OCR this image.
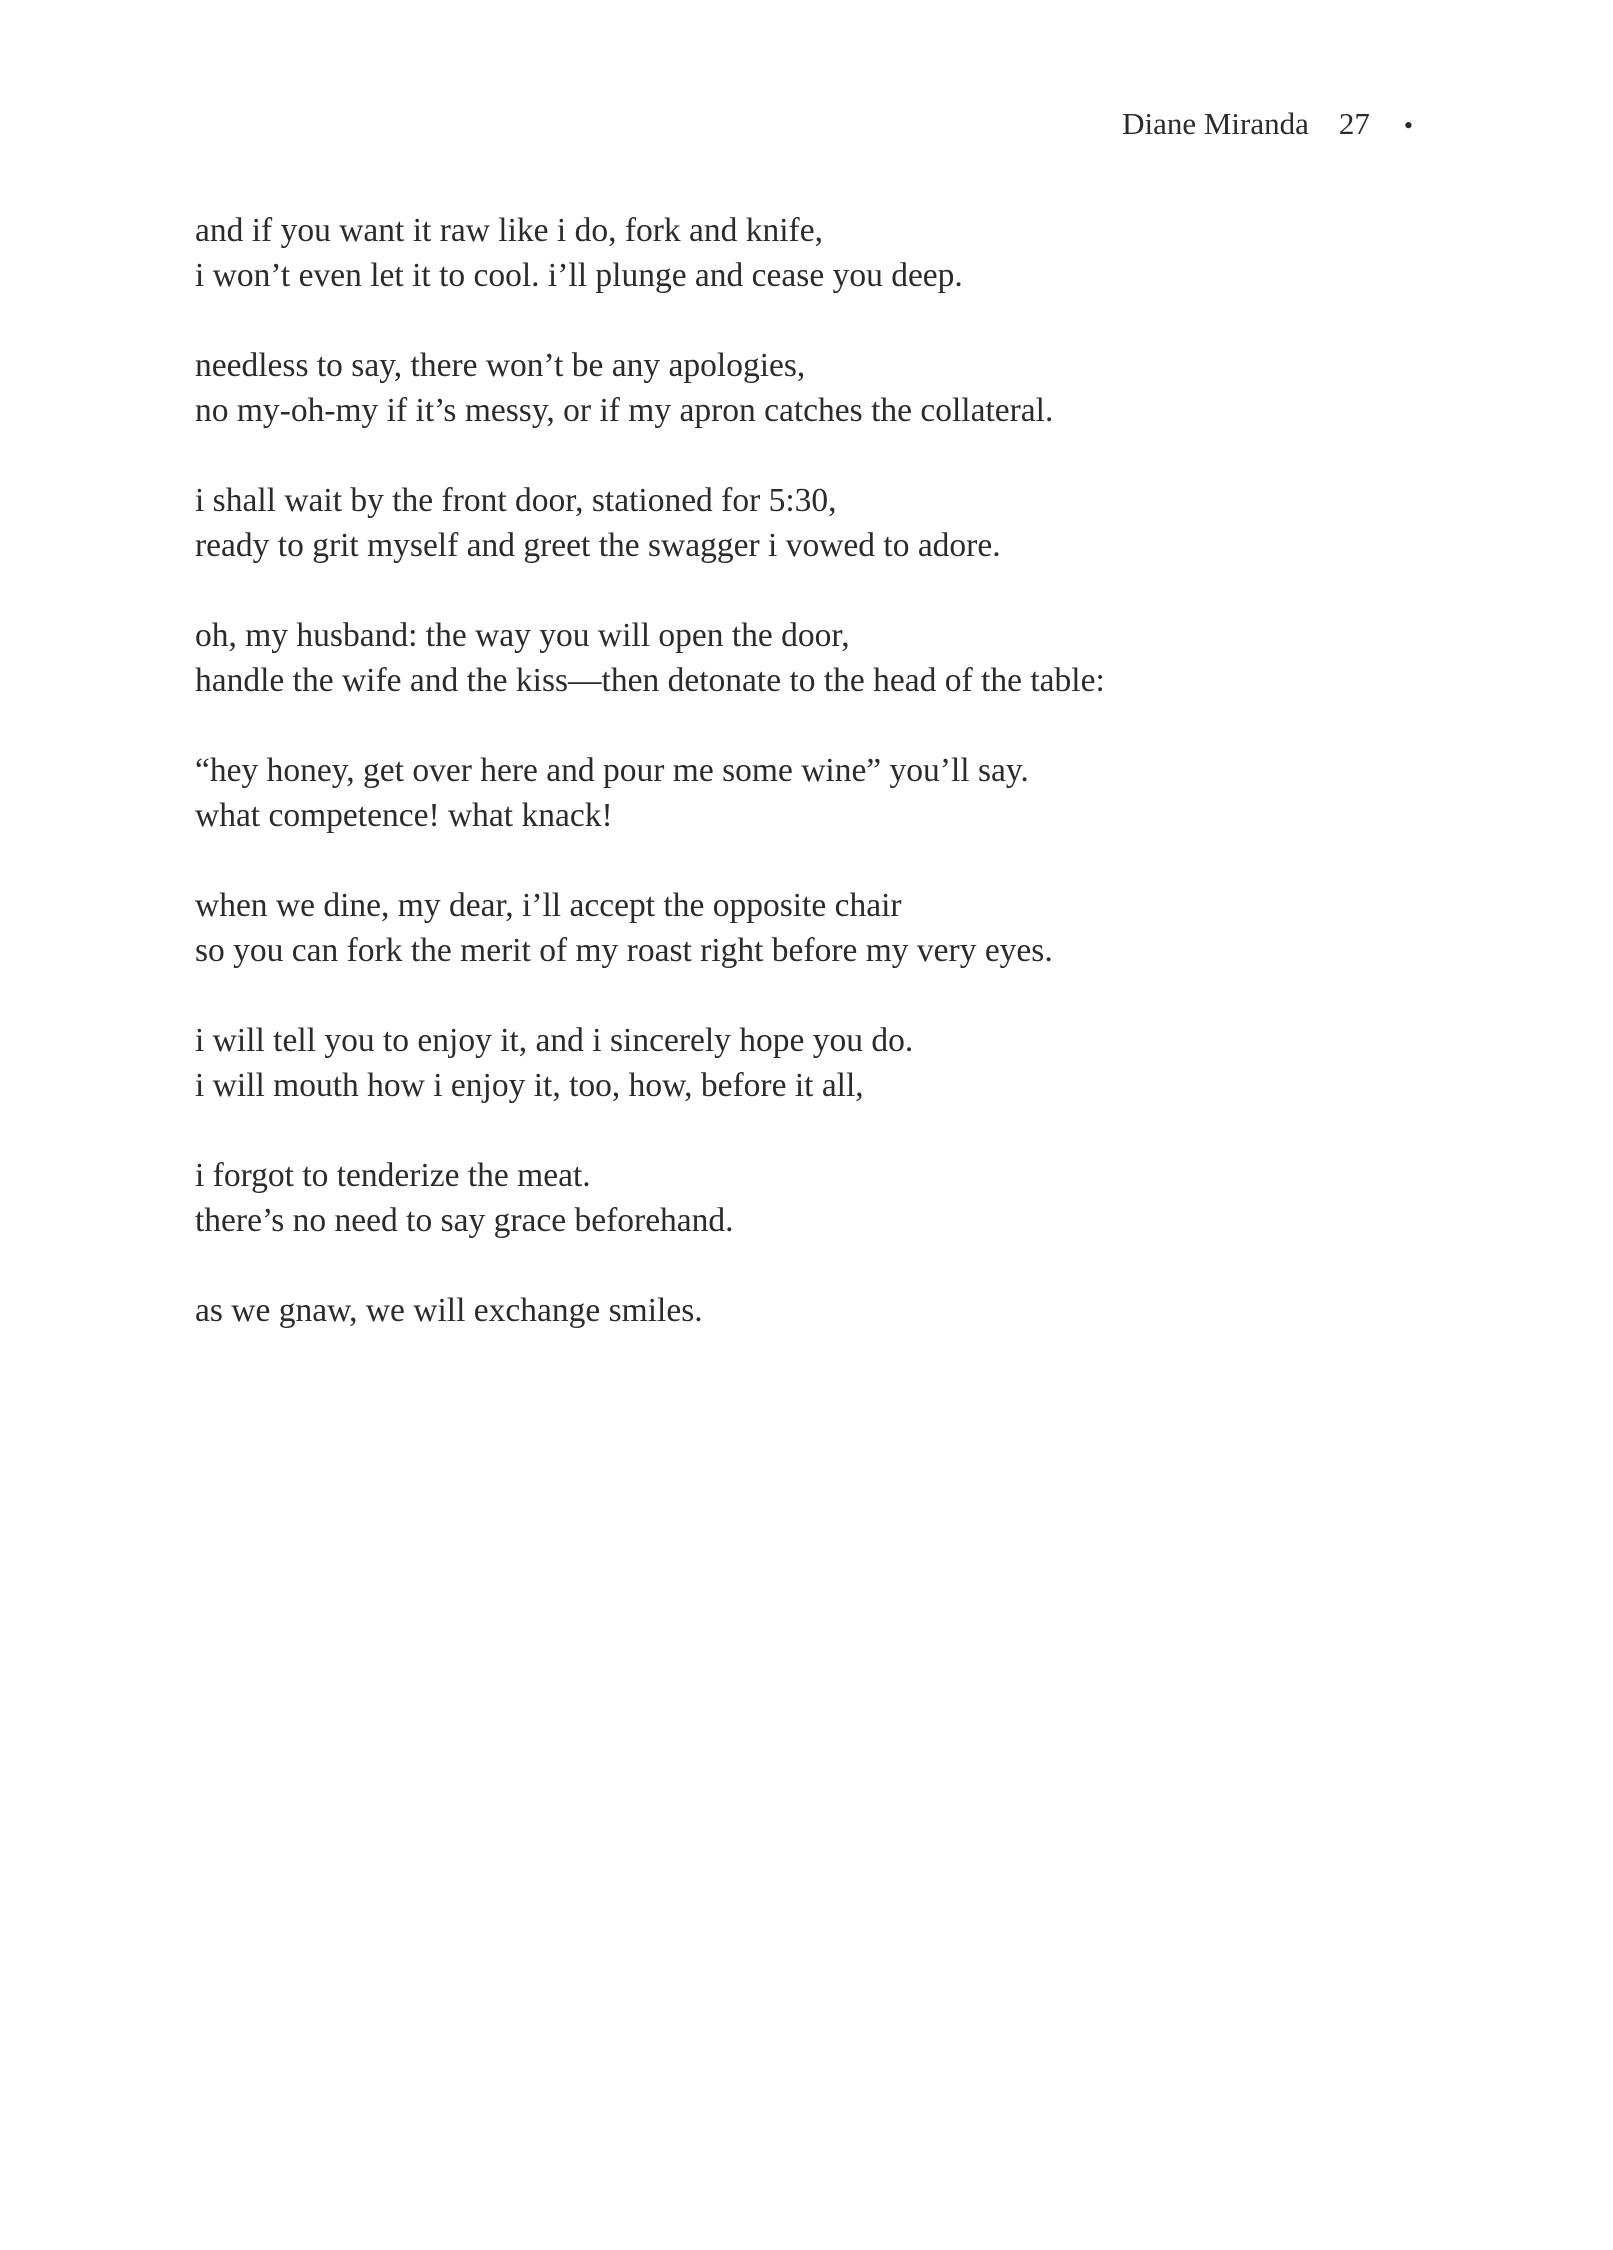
Diane Miranda 27 •
and if you want it raw like i do, fork and knife,
i won’t even let it to cool. i’ll plunge and cease you deep.
needless to say, there won’t be any apologies,
no my-oh-my if it’s messy, or if my apron catches the collateral.
i shall wait by the front door, stationed for 5:30,
ready to grit myself and greet the swagger i vowed to adore.
oh, my husband: the way you will open the door,
handle the wife and the kiss—then detonate to the head of the table:
“hey honey, get over here and pour me some wine” you’ll say.
what competence! what knack!
when we dine, my dear, i’ll accept the opposite chair
so you can fork the merit of my roast right before my very eyes.
i will tell you to enjoy it, and i sincerely hope you do.
i will mouth how i enjoy it, too, how, before it all,
i forgot to tenderize the meat.
there’s no need to say grace beforehand.
as we gnaw, we will exchange smiles.
